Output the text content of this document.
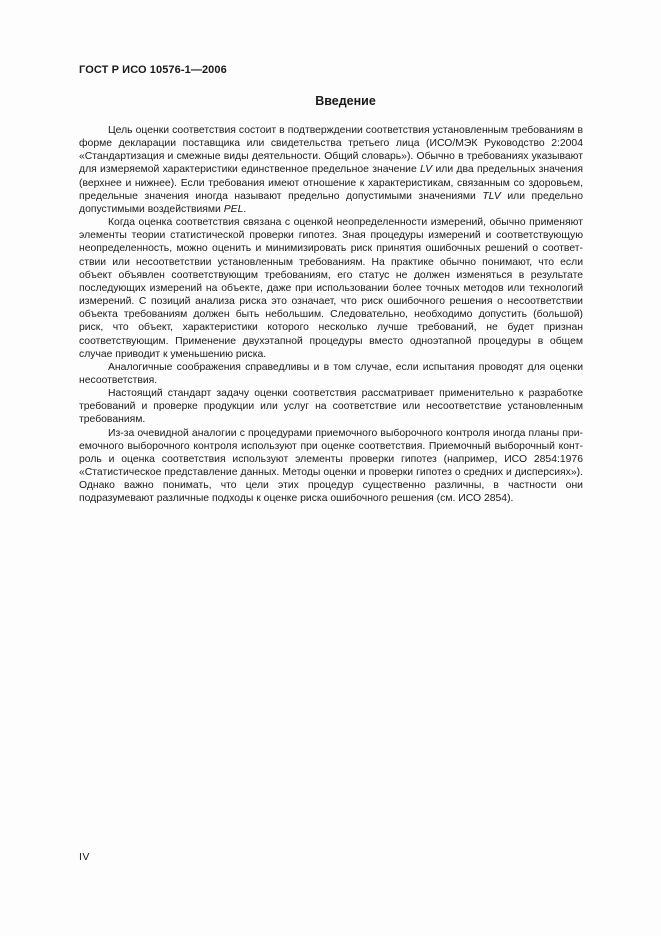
ГОСТ Р ИСО 10576-1—2006
Введение

Цель оценки соответствия состоит в подтверждении соответствия установленным требованиям в форме декларации поставщика или свидетельства третьего лица (ИСО/МЭК Руководство 2:2004 «Стандартизация и смежные виды деятельности. Общий словарь»). Обычно в требованиях указывают для измеряемой характеристики единственное предельное значение LV или два предельных значения (верхнее и нижнее). Если требования имеют отношение к характеристикам, связанным со здоровьем, предельные значения иногда называют предельно допустимыми значениями TLV или предельно допустимыми воздействиями PEL.

Когда оценка соответствия связана с оценкой неопределенности измерений, обычно применяют элементы теории статистической проверки гипотез. Зная процедуры измерений и соответствующую неопределенность, можно оценить и минимизировать риск принятия ошибочных решений о соответствии или несоответствии установленным требованиям. На практике обычно понимают, что если объект объявлен соответствующим требованиям, его статус не должен изменяться в результате последующих измерений на объекте, даже при использовании более точных методов или технологий измерений. С позиций анализа риска это означает, что риск ошибочного решения о несоответствии объекта требованиям должен быть небольшим. Следовательно, необходимо допустить (большой) риск, что объект, характеристики которого несколько лучше требований, не будет признан соответствующим. Применение двухэтапной процедуры вместо одноэтапной процедуры в общем случае приводит к уменьшению риска.

Аналогичные соображения справедливы и в том случае, если испытания проводят для оценки несоответствия.

Настоящий стандарт задачу оценки соответствия рассматривает применительно к разработке требований и проверке продукции или услуг на соответствие или несоответствие установленным требованиям.

Из-за очевидной аналогии с процедурами приемочного выборочного контроля иногда планы приемочного выборочного контроля используют при оценке соответствия. Приемочный выборочный контроль и оценка соответствия используют элементы проверки гипотез (например, ИСО 2854:1976 «Статистическое представление данных. Методы оценки и проверки гипотез о средних и дисперсиях»). Однако важно понимать, что цели этих процедур существенно различны, в частности они подразумевают различные подходы к оценке риска ошибочного решения (см. ИСО 2854).

IV
